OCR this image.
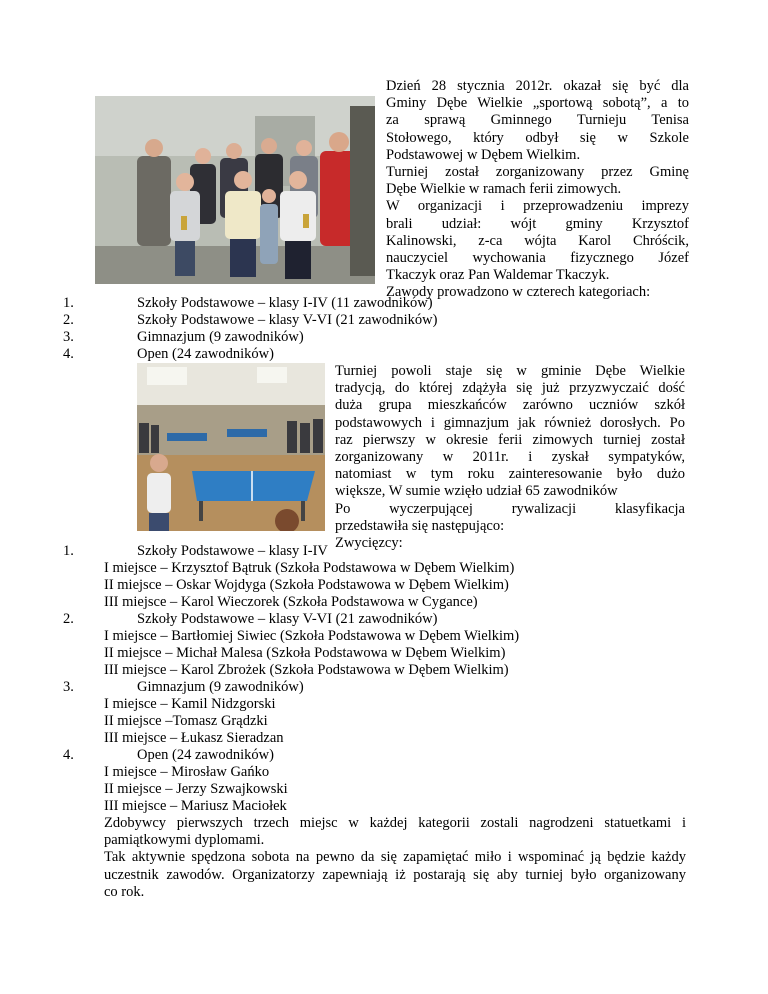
Dzień 28 stycznia 2012r. okazał się być dla
Gminy Dębe Wielkie „sportową sobotą”, a to
za sprawą Gminnego Turnieju Tenisa
Stołowego, który odbył się w Szkole
Podstawowej w Dębem Wielkim.
Turniej został zorganizowany przez Gminę
Dębe Wielkie w ramach ferii zimowych.
W organizacji i przeprowadzeniu imprezy
brali udział: wójt gminy Krzysztof
Kalinowski, z-ca wójta Karol Chróścik,
nauczyciel wychowania fizycznego Józef
Tkaczyk oraz Pan Waldemar Tkaczyk.
Zawody prowadzono w czterech kategoriach:
1.	Szkoły Podstawowe – klasy I-IV (11 zawodników)
2.	Szkoły Podstawowe – klasy V-VI (21 zawodników)
3.	Gimnazjum (9 zawodników)
4.	Open (24 zawodników)
Turniej powoli staje się w gminie Dębe Wielkie
tradycją, do której zdążyła się już przyzwyczaić dość
duża grupa mieszkańców zarówno uczniów szkół
podstawowych i gimnazjum jak również dorosłych. Po
raz pierwszy w okresie ferii zimowych turniej został
zorganizowany w 2011r. i zyskał sympatyków,
natomiast w tym roku zainteresowanie było dużo
większe, W sumie wzięło udział 65 zawodników
Po wyczerpującej rywalizacji klasyfikacja
przedstawiła się następująco:
Zwycięzcy:
1.	Szkoły Podstawowe – klasy I-IV
I miejsce – Krzysztof Bątruk (Szkoła Podstawowa w Dębem Wielkim)
II miejsce – Oskar Wojdyga (Szkoła Podstawowa w Dębem Wielkim)
III miejsce – Karol Wieczorek (Szkoła Podstawowa w Cygance)
2.	Szkoły Podstawowe – klasy V-VI (21 zawodników)
I miejsce – Bartłomiej Siwiec (Szkoła Podstawowa w Dębem Wielkim)
II miejsce – Michał Malesa (Szkoła Podstawowa w Dębem Wielkim)
III miejsce – Karol Zbrożek (Szkoła Podstawowa w Dębem Wielkim)
3.	Gimnazjum (9 zawodników)
I miejsce – Kamil Nidzgorski
II miejsce –Tomasz Grądzki
III miejsce – Łukasz Sieradzan
4.	Open (24 zawodników)
I miejsce – Mirosław Gańko
II miejsce – Jerzy Szwajkowski
III miejsce – Mariusz Maciołek
Zdobywcy pierwszych trzech miejsc w każdej kategorii zostali nagrodzeni statuetkami i
pamiątkowymi dyplomami.
Tak aktywnie spędzona sobota na pewno da się zapamiętać miło i wspominać ją będzie każdy
uczestnik zawodów. Organizatorzy zapewniają iż postarają się aby turniej było organizowany
co rok.
